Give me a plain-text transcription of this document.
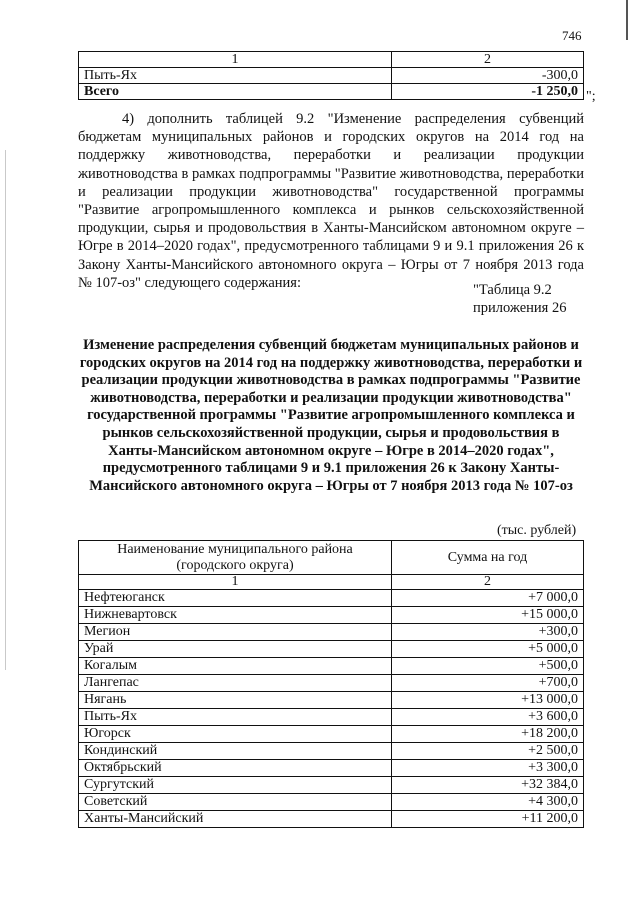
746
1	2
Пыть-Ях	-300,0
Всего	-1 250,0 ";

4) дополнить таблицей 9.2 "Изменение распределения субвенций бюджетам муниципальных районов и городских округов на 2014 год на поддержку животноводства, переработки и реализации продукции животноводства в рамках подпрограммы "Развитие животноводства, переработки и реализации продукции животноводства" государственной программы "Развитие агропромышленного комплекса и рынков сельскохозяйственной продукции, сырья и продовольствия в Ханты-Мансийском автономном округе – Югре в 2014–2020 годах", предусмотренного таблицами 9 и 9.1 приложения 26 к Закону Ханты-Мансийского автономного округа – Югры от 7 ноября 2013 года № 107-оз" следующего содержания:	"Таблица 9.2
приложения 26
Изменение распределения субвенций бюджетам муниципальных районов и городских округов на 2014 год на поддержку животноводства, переработки и реализации продукции животноводства в рамках подпрограммы "Развитие животноводства, переработки и реализации продукции животноводства" государственной программы "Развитие агропромышленного комплекса и рынков сельскохозяйственной продукции, сырья и продовольствия в Ханты-Мансийском автономном округе – Югре в 2014–2020 годах", предусмотренного таблицами 9 и 9.1 приложения 26 к Закону Ханты-Мансийского автономного округа – Югры от 7 ноября 2013 года № 107-оз
(тыс. рублей)
Наименование муниципального района (городского округа)	Сумма на год
1	2
Нефтеюганск	+7 000,0
Нижневартовск	+15 000,0
Мегион	+300,0
Урай	+5 000,0
Когалым	+500,0
Лангепас	+700,0
Нягань	+13 000,0
Пыть-Ях	+3 600,0
Югорск	+18 200,0
Кондинский	+2 500,0
Октябрьский	+3 300,0
Сургутский	+32 384,0
Советский	+4 300,0
Ханты-Мансийский	+11 200,0
